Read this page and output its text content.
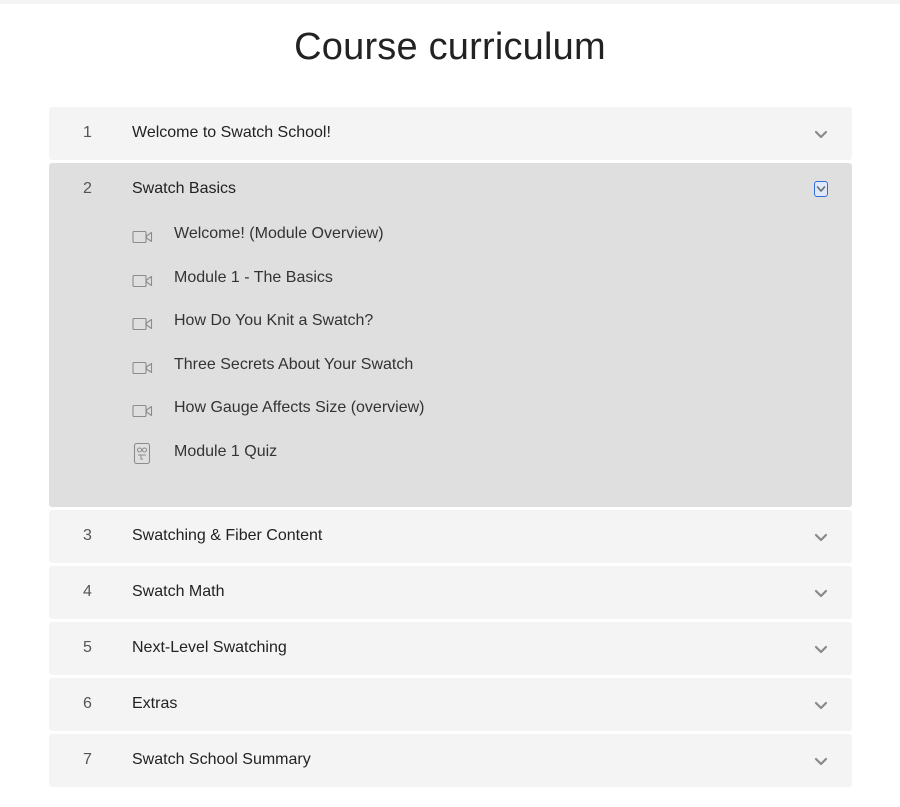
Course curriculum
1	Welcome to Swatch School!
2	Swatch Basics
Welcome! (Module Overview)
Module 1 - The Basics
How Do You Knit a Swatch?
Three Secrets About Your Swatch
How Gauge Affects Size (overview)
Module 1 Quiz
3	Swatching & Fiber Content
4	Swatch Math
5	Next-Level Swatching
6	Extras
7	Swatch School Summary
